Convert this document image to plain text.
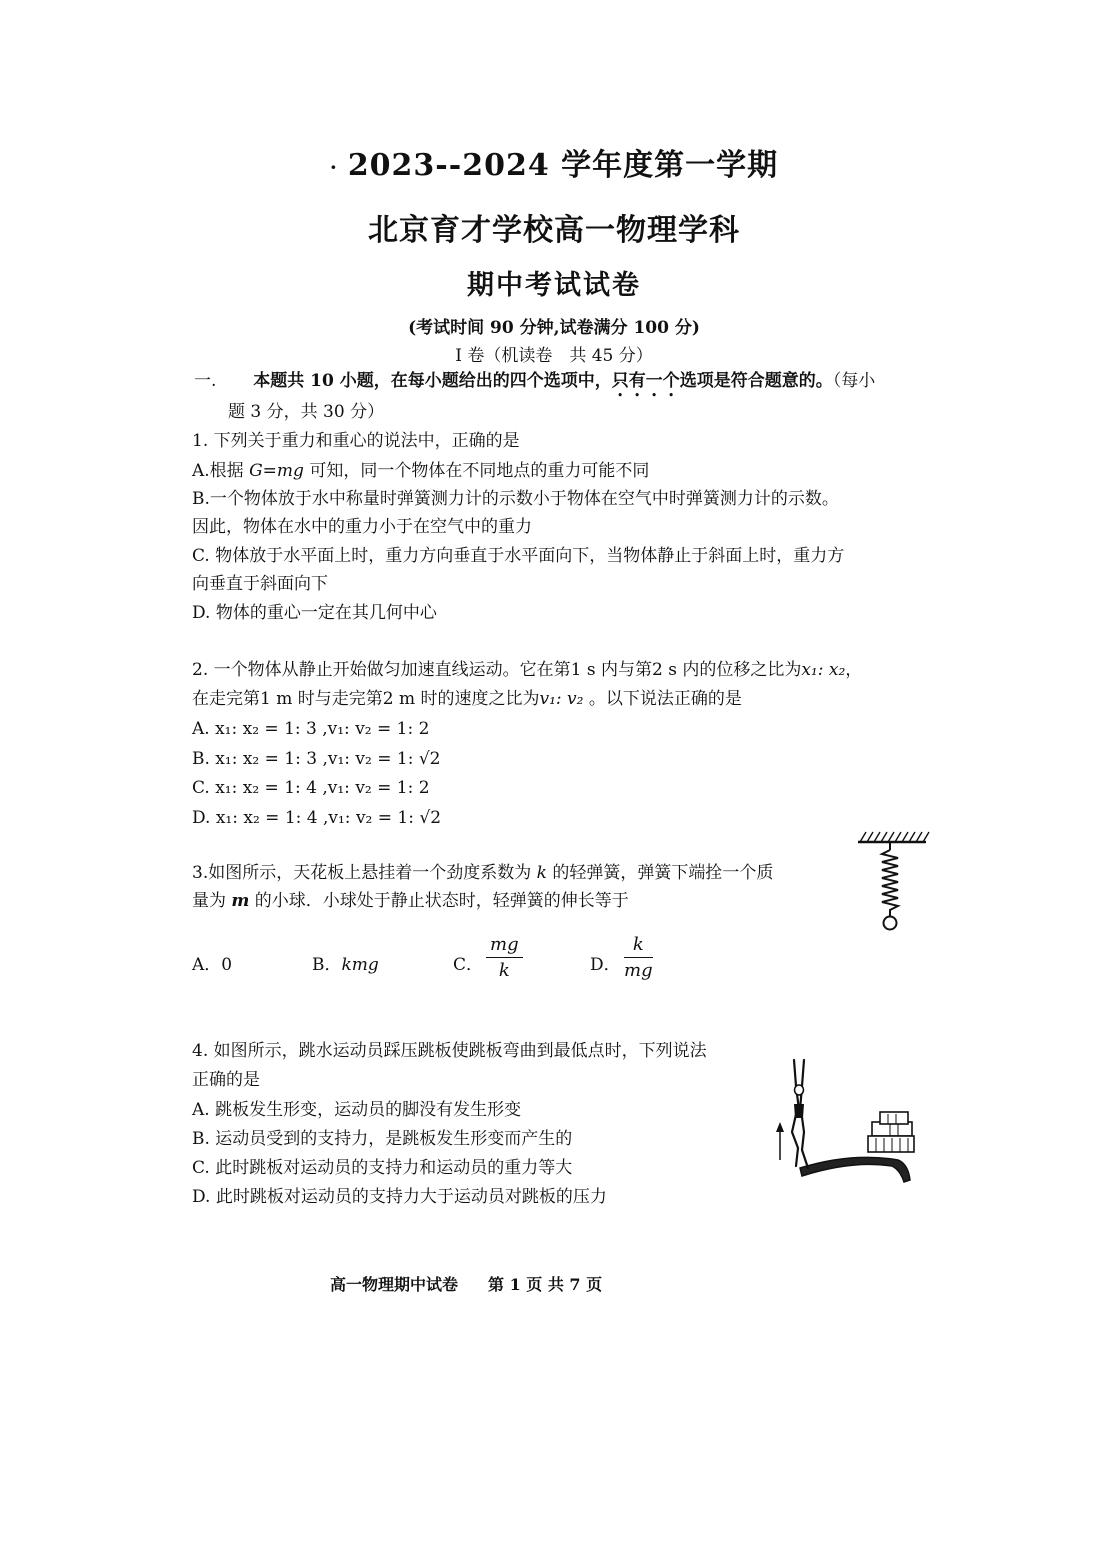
· 2023--2024 学年度第一学期
北京育才学校高一物理学科
期中考试试卷
(考试时间 90 分钟,试卷满分 100 分)
Ⅰ 卷（机读卷　共 45 分）
一. 本题共 10 小题，在每小题给出的四个选项中，只有一个选项是符合题意的。（每小
题 3 分，共 30 分）
1. 下列关于重力和重心的说法中，正确的是
A.根据 G=mg 可知，同一个物体在不同地点的重力可能不同
B.一个物体放于水中称量时弹簧测力计的示数小于物体在空气中时弹簧测力计的示数。
因此，物体在水中的重力小于在空气中的重力
C. 物体放于水平面上时，重力方向垂直于水平面向下，当物体静止于斜面上时，重力方
向垂直于斜面向下
D. 物体的重心一定在其几何中心
2. 一个物体从静止开始做匀加速直线运动。它在第1 s 内与第2 s 内的位移之比为x₁: x₂，
在走完第1 m 时与走完第2 m 时的速度之比为v₁: v₂ 。以下说法正确的是
A. x₁: x₂ = 1: 3 ,v₁: v₂ = 1: 2
B. x₁: x₂ = 1: 3 ,v₁: v₂ = 1: √2
C. x₁: x₂ = 1: 4 ,v₁: v₂ = 1: 2
D. x₁: x₂ = 1: 4 ,v₁: v₂ = 1: √2
3.如图所示，天花板上悬挂着一个劲度系数为 k 的轻弹簧，弹簧下端拴一个质
量为 m 的小球．小球处于静止状态时，轻弹簧的伸长等于
A．0	B．kmg	C．
mg
k	D．
k
mg
4. 如图所示，跳水运动员踩压跳板使跳板弯曲到最低点时，下列说法
正确的是
A. 跳板发生形变，运动员的脚没有发生形变
B. 运动员受到的支持力，是跳板发生形变而产生的
C. 此时跳板对运动员的支持力和运动员的重力等大
D. 此时跳板对运动员的支持力大于运动员对跳板的压力
高一物理期中试卷 第 1 页 共 7 页
